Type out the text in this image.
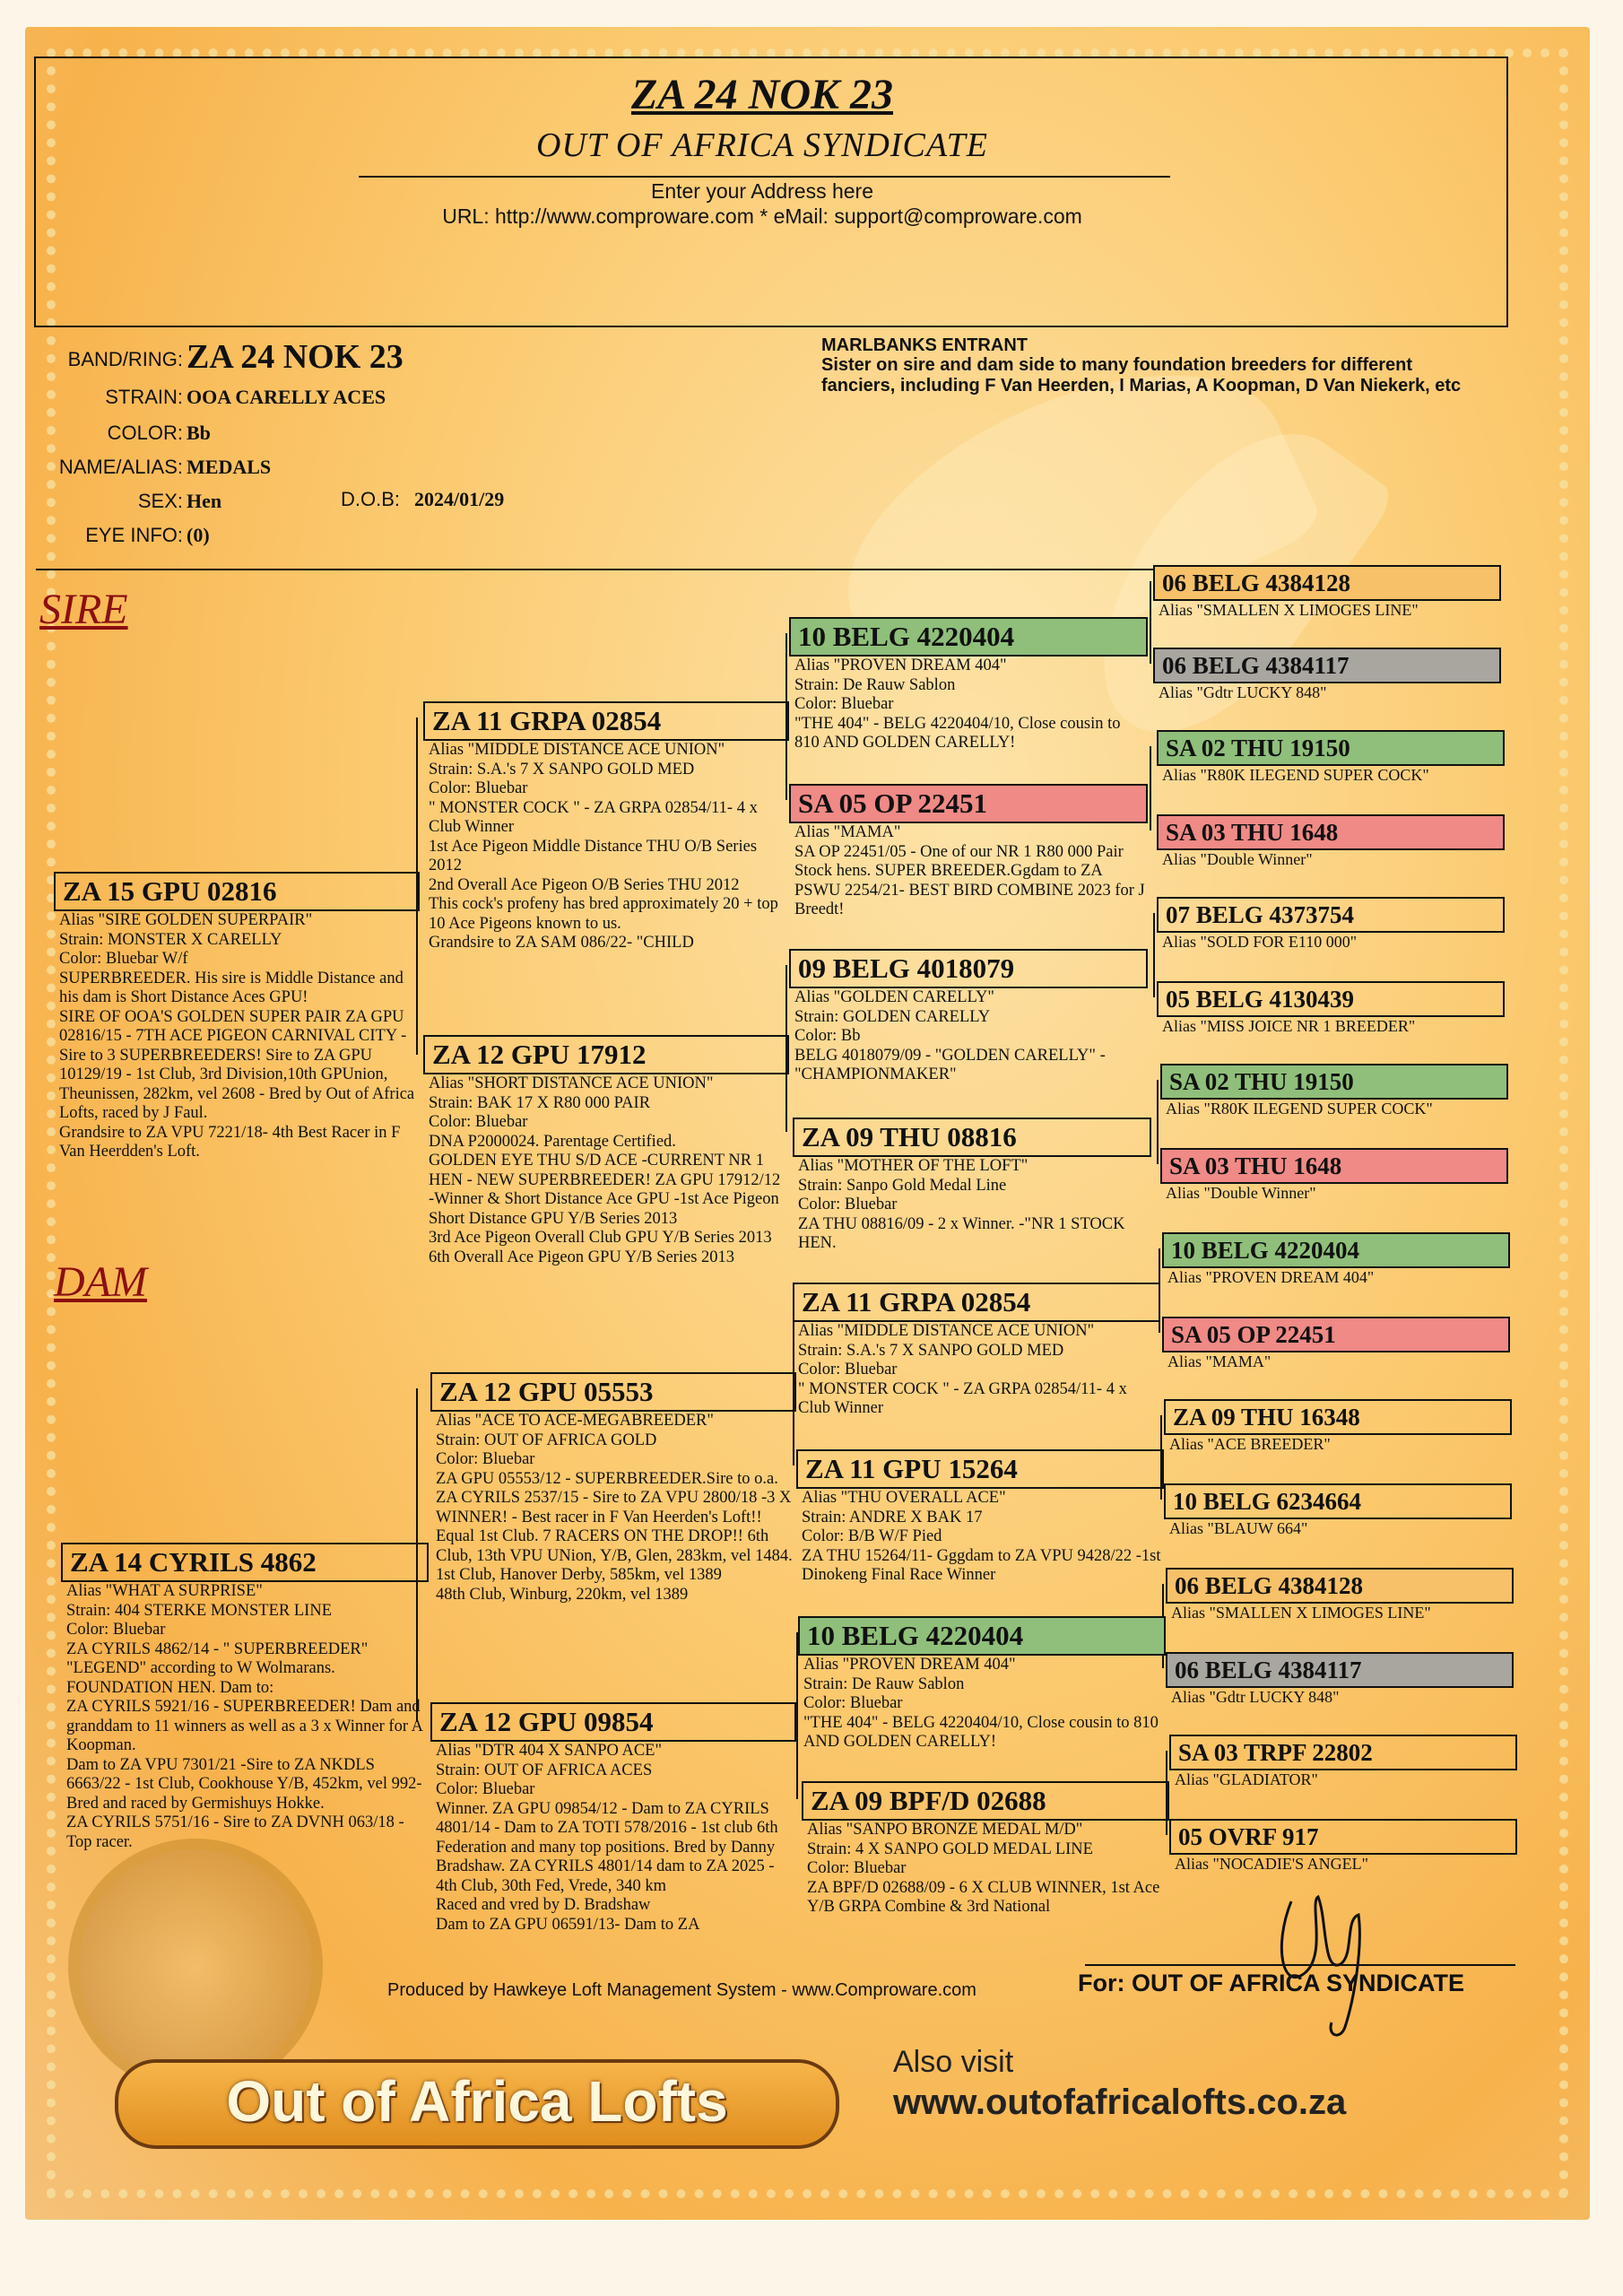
ZA 24 NOK 23
OUT OF AFRICA SYNDICATE
Enter your Address here
URL: http://www.comproware.com * eMail: support@comproware.com
BAND/RING: ZA 24 NOK 23
STRAIN: OOA CARELLY ACES
COLOR: Bb
NAME/ALIAS: MEDALS
SEX: Hen	D.O.B: 2024/01/29
EYE INFO: (0)
MARLBANKS ENTRANT
Sister on sire and dam side to many foundation breeders for different fanciers, including F Van Heerden, I Marias, A Koopman, D Van Niekerk, etc
SIRE
DAM
ZA 15 GPU 02816
Alias "SIRE GOLDEN SUPERPAIR"
Strain: MONSTER X CARELLY
Color: Bluebar W/f
SUPERBREEDER. His sire is Middle Distance and his dam is Short Distance Aces GPU!
SIRE OF OOA'S GOLDEN SUPER PAIR ZA GPU 02816/15 - 7TH ACE PIGEON CARNIVAL CITY - Sire to 3 SUPERBREEDERS! Sire to ZA GPU 10129/19 - 1st Club, 3rd Division,10th GPUnion, Theunissen, 282km, vel 2608 - Bred by Out of Africa Lofts, raced by J Faul.
Grandsire to ZA VPU 7221/18- 4th Best Racer in F Van Heerdden's Loft.
ZA 14 CYRILS 4862
Alias "WHAT A SURPRISE"
Strain: 404 STERKE MONSTER LINE
Color: Bluebar
ZA CYRILS 4862/14 - " SUPERBREEDER" "LEGEND" according to W Wolmarans. FOUNDATION HEN. Dam to:
ZA CYRILS 5921/16 - SUPERBREEDER! Dam and granddam to 11 winners as well as a 3 x Winner for A Koopman.
Dam to ZA VPU 7301/21 -Sire to ZA NKDLS 6663/22 - 1st Club, Cookhouse Y/B, 452km, vel 992- Bred and raced by Germishuys Hokke.
ZA CYRILS 5751/16 - Sire to ZA DVNH 063/18 - Top racer.
ZA 11 GRPA 02854
Alias "MIDDLE DISTANCE ACE UNION"
Strain: S.A.'s 7 X SANPO GOLD MED
Color: Bluebar
" MONSTER COCK " - ZA GRPA 02854/11- 4 x Club Winner
1st Ace Pigeon Middle Distance THU O/B Series 2012
2nd Overall Ace Pigeon O/B Series THU 2012
This cock's profeny has bred approximately 20 + top 10 Ace Pigeons known to us.
Grandsire to ZA SAM 086/22- "CHILD
ZA 12 GPU 17912
Alias "SHORT DISTANCE ACE UNION"
Strain: BAK 17 X R80 000 PAIR
Color: Bluebar
DNA P2000024. Parentage Certified.
GOLDEN EYE THU S/D ACE -CURRENT NR 1 HEN - NEW SUPERBREEDER! ZA GPU 17912/12
-Winner & Short Distance Ace GPU -1st Ace Pigeon Short Distance GPU Y/B Series 2013
3rd Ace Pigeon Overall Club GPU Y/B Series 2013
6th Overall Ace Pigeon GPU Y/B Series 2013
ZA 12 GPU 05553
Alias "ACE TO ACE-MEGABREEDER"
Strain: OUT OF AFRICA GOLD
Color: Bluebar
ZA GPU 05553/12 - SUPERBREEDER.Sire to o.a. ZA CYRILS 2537/15 - Sire to ZA VPU 2800/18 -3 X WINNER! - Best racer in F Van Heerden's Loft!!
Equal 1st Club. 7 RACERS ON THE DROP!! 6th Club, 13th VPU UNion, Y/B, Glen, 283km, vel 1484.
1st Club, Hanover Derby, 585km, vel 1389
48th Club, Winburg, 220km, vel 1389
ZA 12 GPU 09854
Alias "DTR 404 X SANPO ACE"
Strain: OUT OF AFRICA ACES
Color: Bluebar
Winner. ZA GPU 09854/12 - Dam to ZA CYRILS 4801/14 - Dam to ZA TOTI 578/2016 - 1st club 6th Federation and many top positions. Bred by Danny Bradshaw. ZA CYRILS 4801/14 dam to ZA 2025 - 4th Club, 30th Fed, Vrede, 340 km
Raced and vred by D. Bradshaw
Dam to ZA GPU 06591/13- Dam to ZA
10 BELG 4220404
Alias "PROVEN DREAM 404"
Strain: De Rauw Sablon
Color: Bluebar
"THE 404" - BELG 4220404/10, Close cousin to 810 AND GOLDEN CARELLY!
SA 05 OP 22451
Alias "MAMA"
SA OP 22451/05 - One of our NR 1 R80 000 Pair Stock hens. SUPER BREEDER.Ggdam to ZA PSWU 2254/21- BEST BIRD COMBINE 2023 for J Breedt!
09 BELG 4018079
Alias "GOLDEN CARELLY"
Strain: GOLDEN CARELLY
Color: Bb
BELG 4018079/09 - "GOLDEN CARELLY" - "CHAMPIONMAKER"
ZA 09 THU 08816
Alias "MOTHER OF THE LOFT"
Strain: Sanpo Gold Medal Line
Color: Bluebar
ZA THU 08816/09 - 2 x Winner. -"NR 1 STOCK HEN.
ZA 11 GRPA 02854
Alias "MIDDLE DISTANCE ACE UNION"
Strain: S.A.'s 7 X SANPO GOLD MED
Color: Bluebar
" MONSTER COCK " - ZA GRPA 02854/11- 4 x Club Winner
ZA 11 GPU 15264
Alias "THU OVERALL ACE"
Strain: ANDRE X BAK 17
Color: B/B W/F Pied
ZA THU 15264/11- Gggdam to ZA VPU 9428/22 -1st Dinokeng Final Race Winner
10 BELG 4220404
Alias "PROVEN DREAM 404"
Strain: De Rauw Sablon
Color: Bluebar
"THE 404" - BELG 4220404/10, Close cousin to 810 AND GOLDEN CARELLY!
ZA 09 BPF/D 02688
Alias "SANPO BRONZE MEDAL M/D"
Strain: 4 X SANPO GOLD MEDAL LINE
Color: Bluebar
ZA BPF/D 02688/09 - 6 X CLUB WINNER, 1st Ace Y/B GRPA Combine & 3rd National
06 BELG 4384128
Alias "SMALLEN X LIMOGES LINE"
06 BELG 4384117
Alias "Gdtr LUCKY 848"
SA 02 THU 19150
Alias "R80K ILEGEND SUPER COCK"
SA 03 THU 1648
Alias "Double Winner"
07 BELG 4373754
Alias "SOLD FOR E110 000"
05 BELG 4130439
Alias "MISS JOICE NR 1 BREEDER"
SA 02 THU 19150
Alias "R80K ILEGEND SUPER COCK"
SA 03 THU 1648
Alias "Double Winner"
10 BELG 4220404
Alias "PROVEN DREAM 404"
SA 05 OP 22451
Alias "MAMA"
ZA 09 THU 16348
Alias "ACE BREEDER"
10 BELG 6234664
Alias "BLAUW 664"
06 BELG 4384128
Alias "SMALLEN X LIMOGES LINE"
06 BELG 4384117
Alias "Gdtr LUCKY 848"
SA 03 TRPF 22802
Alias "GLADIATOR"
05 OVRF 917
Alias "NOCADIE'S ANGEL"
Produced by Hawkeye Loft Management System - www.Comproware.com	For: OUT OF AFRICA SYNDICATE
Out of Africa Lofts
Also visit
www.outofafricalofts.co.za
